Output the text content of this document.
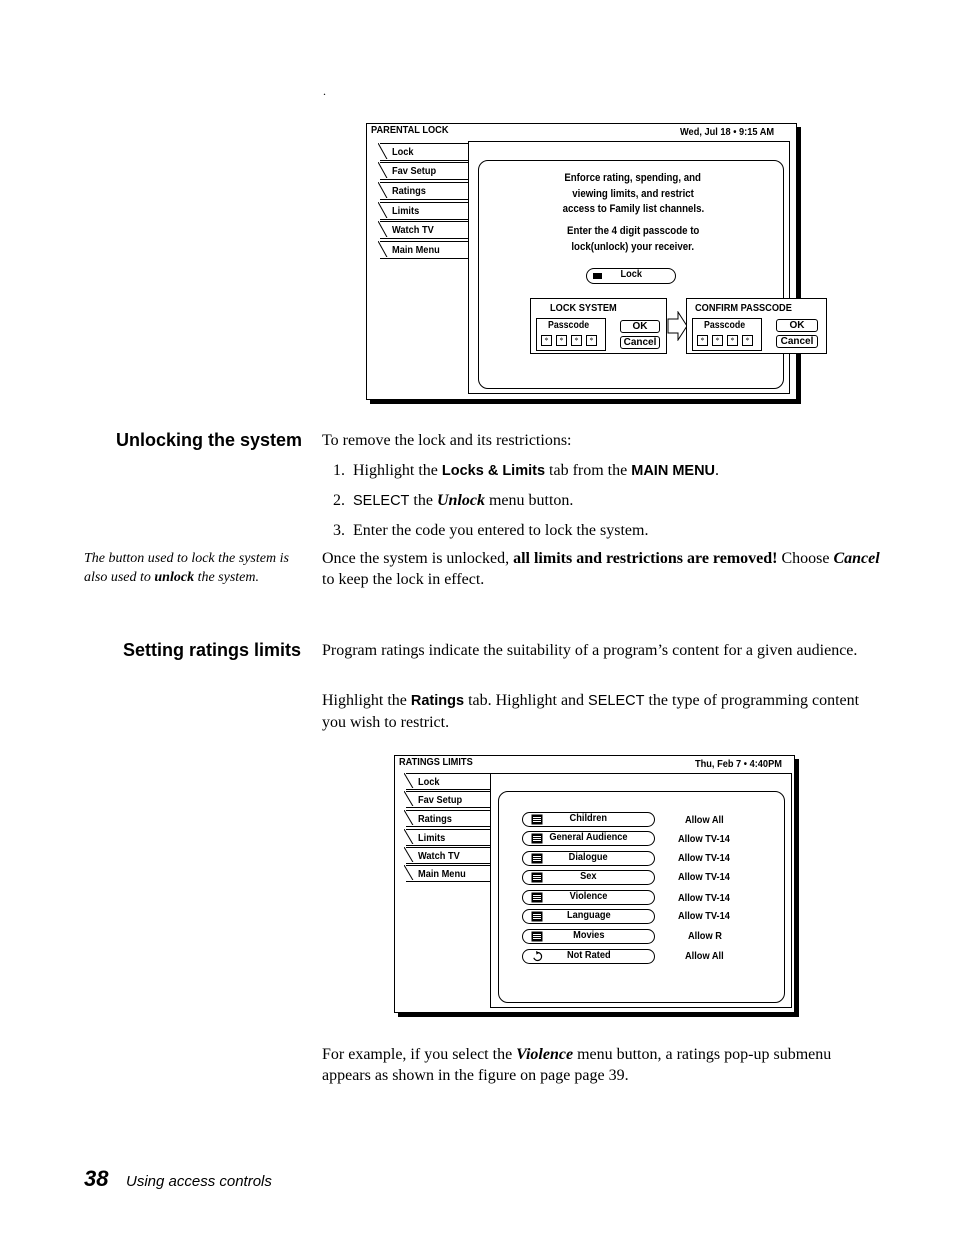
.
PARENTAL LOCK	Wed, Jul 18 • 9:15 AM
Lock
Fav Setup
Ratings
Limits
Watch TV
Main Menu
Enforce rating, spending, and
viewing limits, and restrict
access to Family list channels.
Enter the 4 digit passcode to
lock(unlock) your receiver.
Lock
LOCK SYSTEM
Passcode
*	*	*	*
OK
Cancel
CONFIRM PASSCODE
Passcode
*	*	*	*
OK
Cancel
Unlocking the system To remove the lock and its restrictions:
1. Highlight the Locks & Limits tab from the MAIN MENU.
2. SELECT the Unlock menu button.
3. Enter the code you entered to lock the system.
The button used to lock the system is also used to unlock the system.
Once the system is unlocked, all limits and restrictions are removed! Choose Cancel to keep the lock in effect.
Setting ratings limits Program ratings indicate the suitability of a program’s content for a given audience.
Highlight the Ratings tab. Highlight and SELECT the type of programming content you wish to restrict.
RATINGS LIMITS	Thu, Feb 7 • 4:40PM
Lock
Fav Setup
Ratings
Limits
Watch TV
Main Menu
Children	Allow All
General Audience	Allow TV-14
Dialogue	Allow TV-14
Sex	Allow TV-14
Violence	Allow TV-14
Language	Allow TV-14
Movies	Allow R
Not Rated	Allow All
For example, if you select the Violence menu button, a ratings pop-up submenu appears as shown in the figure on page page 39.
38 Using access controls
